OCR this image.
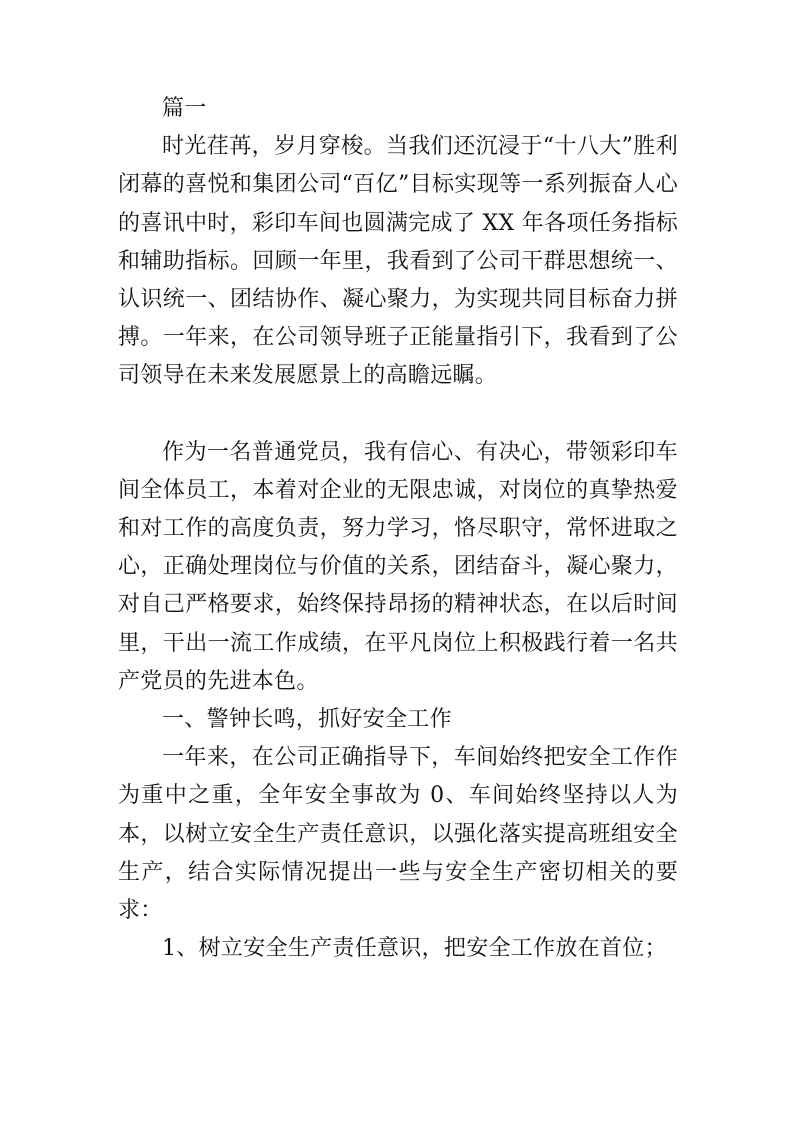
篇一

时光荏苒，岁月穿梭。当我们还沉浸于“十八大”胜利闭幕的喜悦和集团公司“百亿”目标实现等一系列振奋人心的喜讯中时，彩印车间也圆满完成了 XX 年各项任务指标和辅助指标。回顾一年里，我看到了公司干群思想统一、认识统一、团结协作、凝心聚力，为实现共同目标奋力拼搏。一年来，在公司领导班子正能量指引下，我看到了公司领导在未来发展愿景上的高瞻远瞩。

作为一名普通党员，我有信心、有决心，带领彩印车间全体员工，本着对企业的无限忠诚，对岗位的真挚热爱和对工作的高度负责，努力学习，恪尽职守，常怀进取之心，正确处理岗位与价值的关系，团结奋斗，凝心聚力，对自己严格要求，始终保持昂扬的精神状态，在以后时间里，干出一流工作成绩，在平凡岗位上积极践行着一名共产党员的先进本色。

一、警钟长鸣，抓好安全工作

一年来，在公司正确指导下，车间始终把安全工作作为重中之重，全年安全事故为 0、车间始终坚持以人为本，以树立安全生产责任意识，以强化落实提高班组安全生产，结合实际情况提出一些与安全生产密切相关的要求：

1、树立安全生产责任意识，把安全工作放在首位；
